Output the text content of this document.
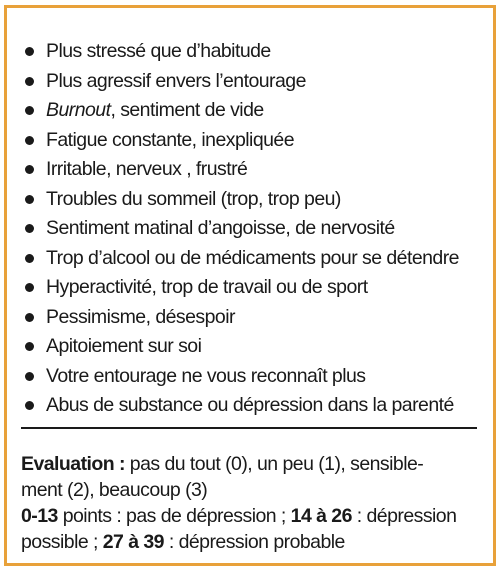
Plus stressé que d’habitude
Plus agressif envers l’entourage
Burnout , sentiment de vide
Fatigue constante, inexpliquée
Irritable, nerveux , frustré
Troubles du sommeil (trop, trop peu)
Sentiment matinal d’angoisse, de nervosité
Trop d’alcool ou de médicaments pour se détendre
Hyperactivité, trop de travail ou de sport
Pessimisme, désespoir
Apitoiement sur soi
Votre entourage ne vous reconnaît plus
Abus de substance ou dépression dans la parenté

Evaluation : pas du tout (0), un peu (1), sensible-
ment (2), beaucoup (3)

0-13 points : pas de dépression ; 14 à 26 : dépression
possible ; 27 à 39 : dépression probable
